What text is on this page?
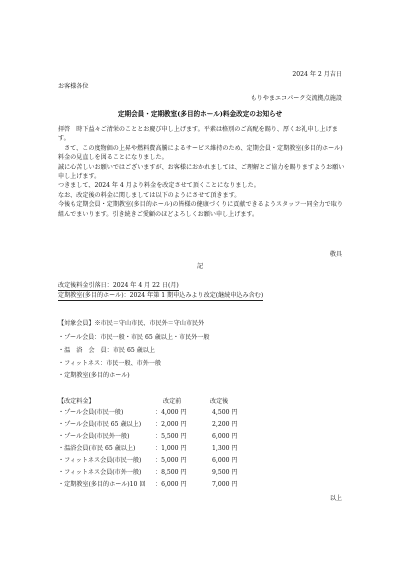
2024 年 2 月吉日
お客様各位
もりやまエコパーク交流拠点施設
定期会員・定期教室(多目的ホール)料金改定のお知らせ

拝啓　時下益々ご清栄のこととお慶び申し上げます。平素は格別のご高配を賜り、厚くお礼申し上げます。

　さて、この度物価の上昇や燃料費高騰によるサービス維持のため、定期会員・定期教室(多目的ホール)料金の見直しを図ることになりました。

誠に心苦しいお願いではございますが、お客様におかれましては、ご理解とご協力を賜りますようお願い申し上げます。

つきまして、2024 年 4 月より料金を改定させて頂くことになりました。

なお、改定後の料金に関しましては以下のようにさせて頂きます。

今後も定期会員・定期教室(多目的ホール)の皆様の健康づくりに貢献できるようスタッフ一同全力で取り組んでまいります。引き続きご愛顧のほどよろしくお願い申し上げます。

敬具
記
改定後料金引落日：2024 年 4 月 22 日(月)
定期教室(多目的ホール)：2024 年第 1 期申込みより改定(継続申込み含む)
【対象会員】※市民＝守山市民、市民外＝守山市民外
・プール会員：市民一般・市民 65 歳以上・市民外一般
・温　浴　会　員：市民 65 歳以上
・フィットネス：市民一般、市外一般
・定期教室(多目的ホール)
【改定料金】	改定前	改定後
・プール会員(市民一般)	：4,000 円	4,500 円
・プール会員(市民 65 歳以上) ：2,000 円	2,200 円
・プール会員(市民外一般)	：5,500 円	6,000 円
・温浴会員(市民 65 歳以上)	：1,000 円	1,300 円
・フィットネス会員(市民一般) ：5,000 円	6,000 円
・フィットネス会員(市外一般) ：8,500 円	9,500 円
・定期教室(多目的ホール)10 回 ：6,000 円	7,000 円
以上
